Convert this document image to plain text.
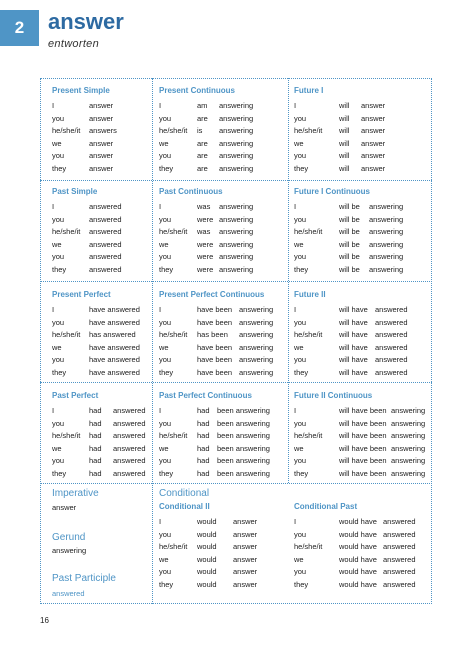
2	answer
entworten
Present Simple
I	answer
you	answer
he/she/it	answers
we	answer
you	answer
they	answer
Present Continuous
I	am	answering
you	are	answering
he/she/it	is	answering
we	are	answering
you	are	answering
they	are	answering
Future I
I	will	answer
you	will	answer
he/she/it	will	answer
we	will	answer
you	will	answer
they	will	answer
Past Simple
I	answered
you	answered
he/she/it	answered
we	answered
you	answered
they	answered
Past Continuous
I	was	answering
you	were answering
he/she/it	was	answering
we	were answering
you	were answering
they	were answering
Future I Continuous
I	will be	answering
you	will be	answering
he/she/it	will be	answering
we	will be	answering
you	will be	answering
they	will be	answering
Present Perfect
I	have answered
you	have answered
he/she/it	has answered
we	have answered
you	have answered
they	have answered
Present Perfect Continuous
I	have been answering
you	have been answering
he/she/it	has been	answering
we	have been answering
you	have been answering
they	have been answering
Future II
I	will have answered
you	will have answered
he/she/it	will have answered
we	will have answered
you	will have answered
they	will have answered
Past Perfect
I	had	answered
you	had	answered
he/she/it	had	answered
we	had	answered
you	had	answered
they	had	answered
Past Perfect Continuous
I	had been answering
you	had been answering
he/she/it	had been answering
we	had been answering
you	had been answering
they	had been answering
Future II Continuous
I	will have been answering
you	will have been answering
he/she/it	will have been answering
we	will have been answering
you	will have been answering
they	will have been answering
Conditional II
I	would	answer
you	would	answer
he/she/it	would	answer
we	would	answer
you	would	answer
they	would	answer
Conditional Past
I	would have answered
you	would have answered
he/she/it	would have answered
we	would have answered
you	would have answered
they	would have answered
Imperative
answer
Gerund
answering
Past Participle
answered
Conditional
16
